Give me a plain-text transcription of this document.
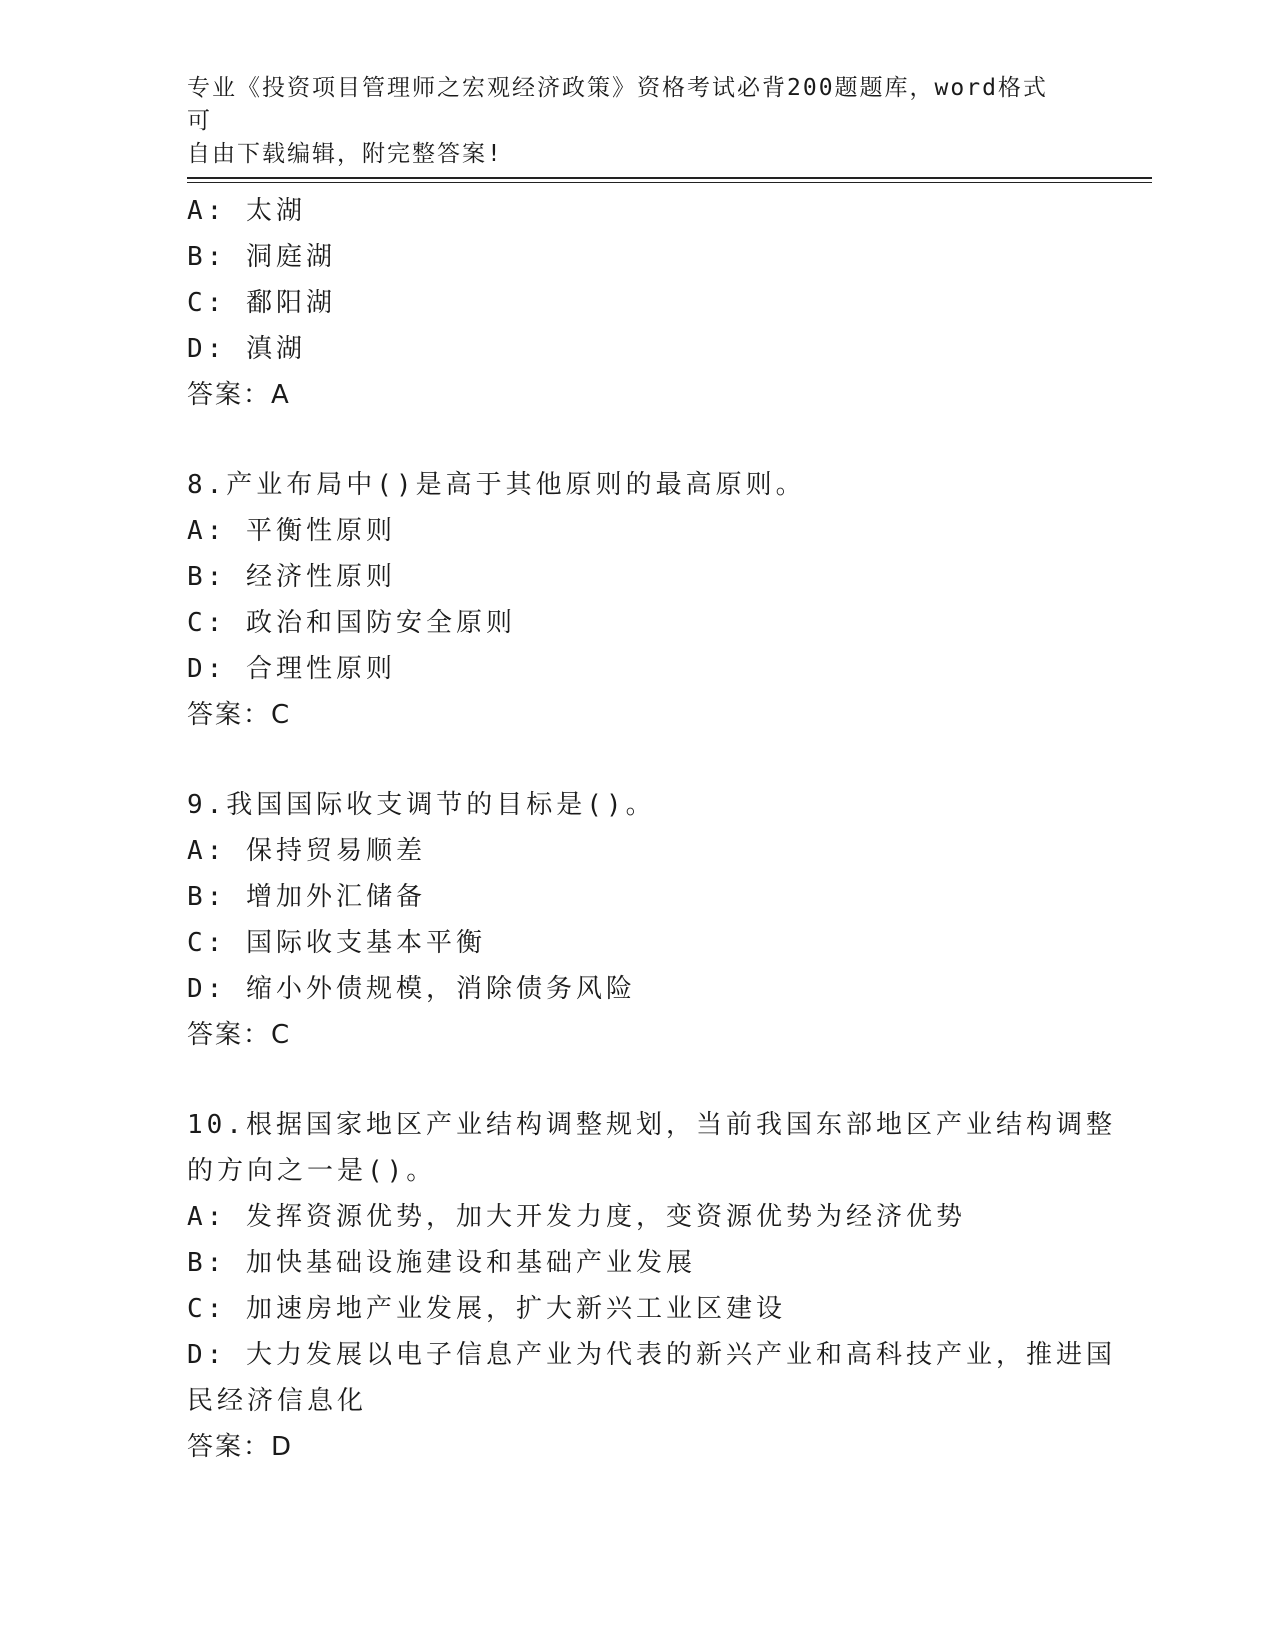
专业《投资项目管理师之宏观经济政策》资格考试必背200题题库，word格式可
自由下载编辑，附完整答案!
A: 太湖
B: 洞庭湖
C: 鄱阳湖
D: 滇湖
答案：A
8.产业布局中()是高于其他原则的最高原则。
A: 平衡性原则
B: 经济性原则
C: 政治和国防安全原则
D: 合理性原则
答案：C
9.我国国际收支调节的目标是()。
A: 保持贸易顺差
B: 增加外汇储备
C: 国际收支基本平衡
D: 缩小外债规模，消除债务风险
答案：C
10.根据国家地区产业结构调整规划，当前我国东部地区产业结构调整
的方向之一是()。
A: 发挥资源优势，加大开发力度，变资源优势为经济优势
B: 加快基础设施建设和基础产业发展
C: 加速房地产业发展，扩大新兴工业区建设
D: 大力发展以电子信息产业为代表的新兴产业和高科技产业，推进国
民经济信息化
答案：D
